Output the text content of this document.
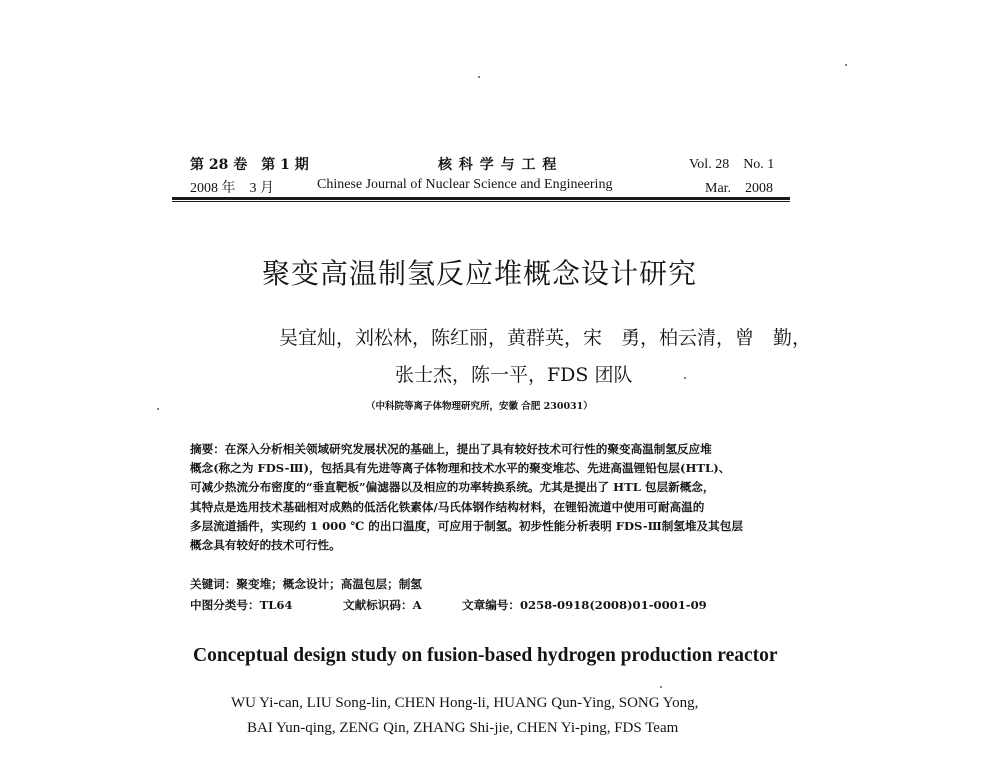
第 28 卷　第 1 期	核 科 学 与 工 程	Vol. 28　No. 1
2008 年　3 月	Chinese Journal of Nuclear Science and Engineering	Mar.　2008
聚变高温制氢反应堆概念设计研究
吴宜灿，刘松林，陈红丽，黄群英，宋　勇，柏云清，曾　勤，
张士杰，陈一平，FDS 团队
（中科院等离子体物理研究所，安徽 合肥 230031）

摘要：在深入分析相关领域研究发展状况的基础上，提出了具有较好技术可行性的聚变高温制氢反应堆

概念(称之为 FDS-Ⅲ)，包括具有先进等离子体物理和技术水平的聚变堆芯、先进高温锂铅包层(HTL)、

可减少热流分布密度的“垂直靶板”偏滤器以及相应的功率转换系统。尤其是提出了 HTL 包层新概念，

其特点是选用技术基础相对成熟的低活化铁素体/马氏体钢作结构材料，在锂铅流道中使用可耐高温的

多层流道插件，实现约 1 000 ℃ 的出口温度，可应用于制氢。初步性能分析表明 FDS-Ⅲ制氢堆及其包层

概念具有较好的技术可行性。

关键词：聚变堆；概念设计；高温包层；制氢
中图分类号：TL64	文献标识码：A	文章编号：0258-0918(2008)01-0001-09
Conceptual design study on fusion-based hydrogen production reactor
WU Yi-can, LIU Song-lin, CHEN Hong-li, HUANG Qun-Ying, SONG Yong,
BAI Yun-qing, ZENG Qin, ZHANG Shi-jie, CHEN Yi-ping, FDS Team
